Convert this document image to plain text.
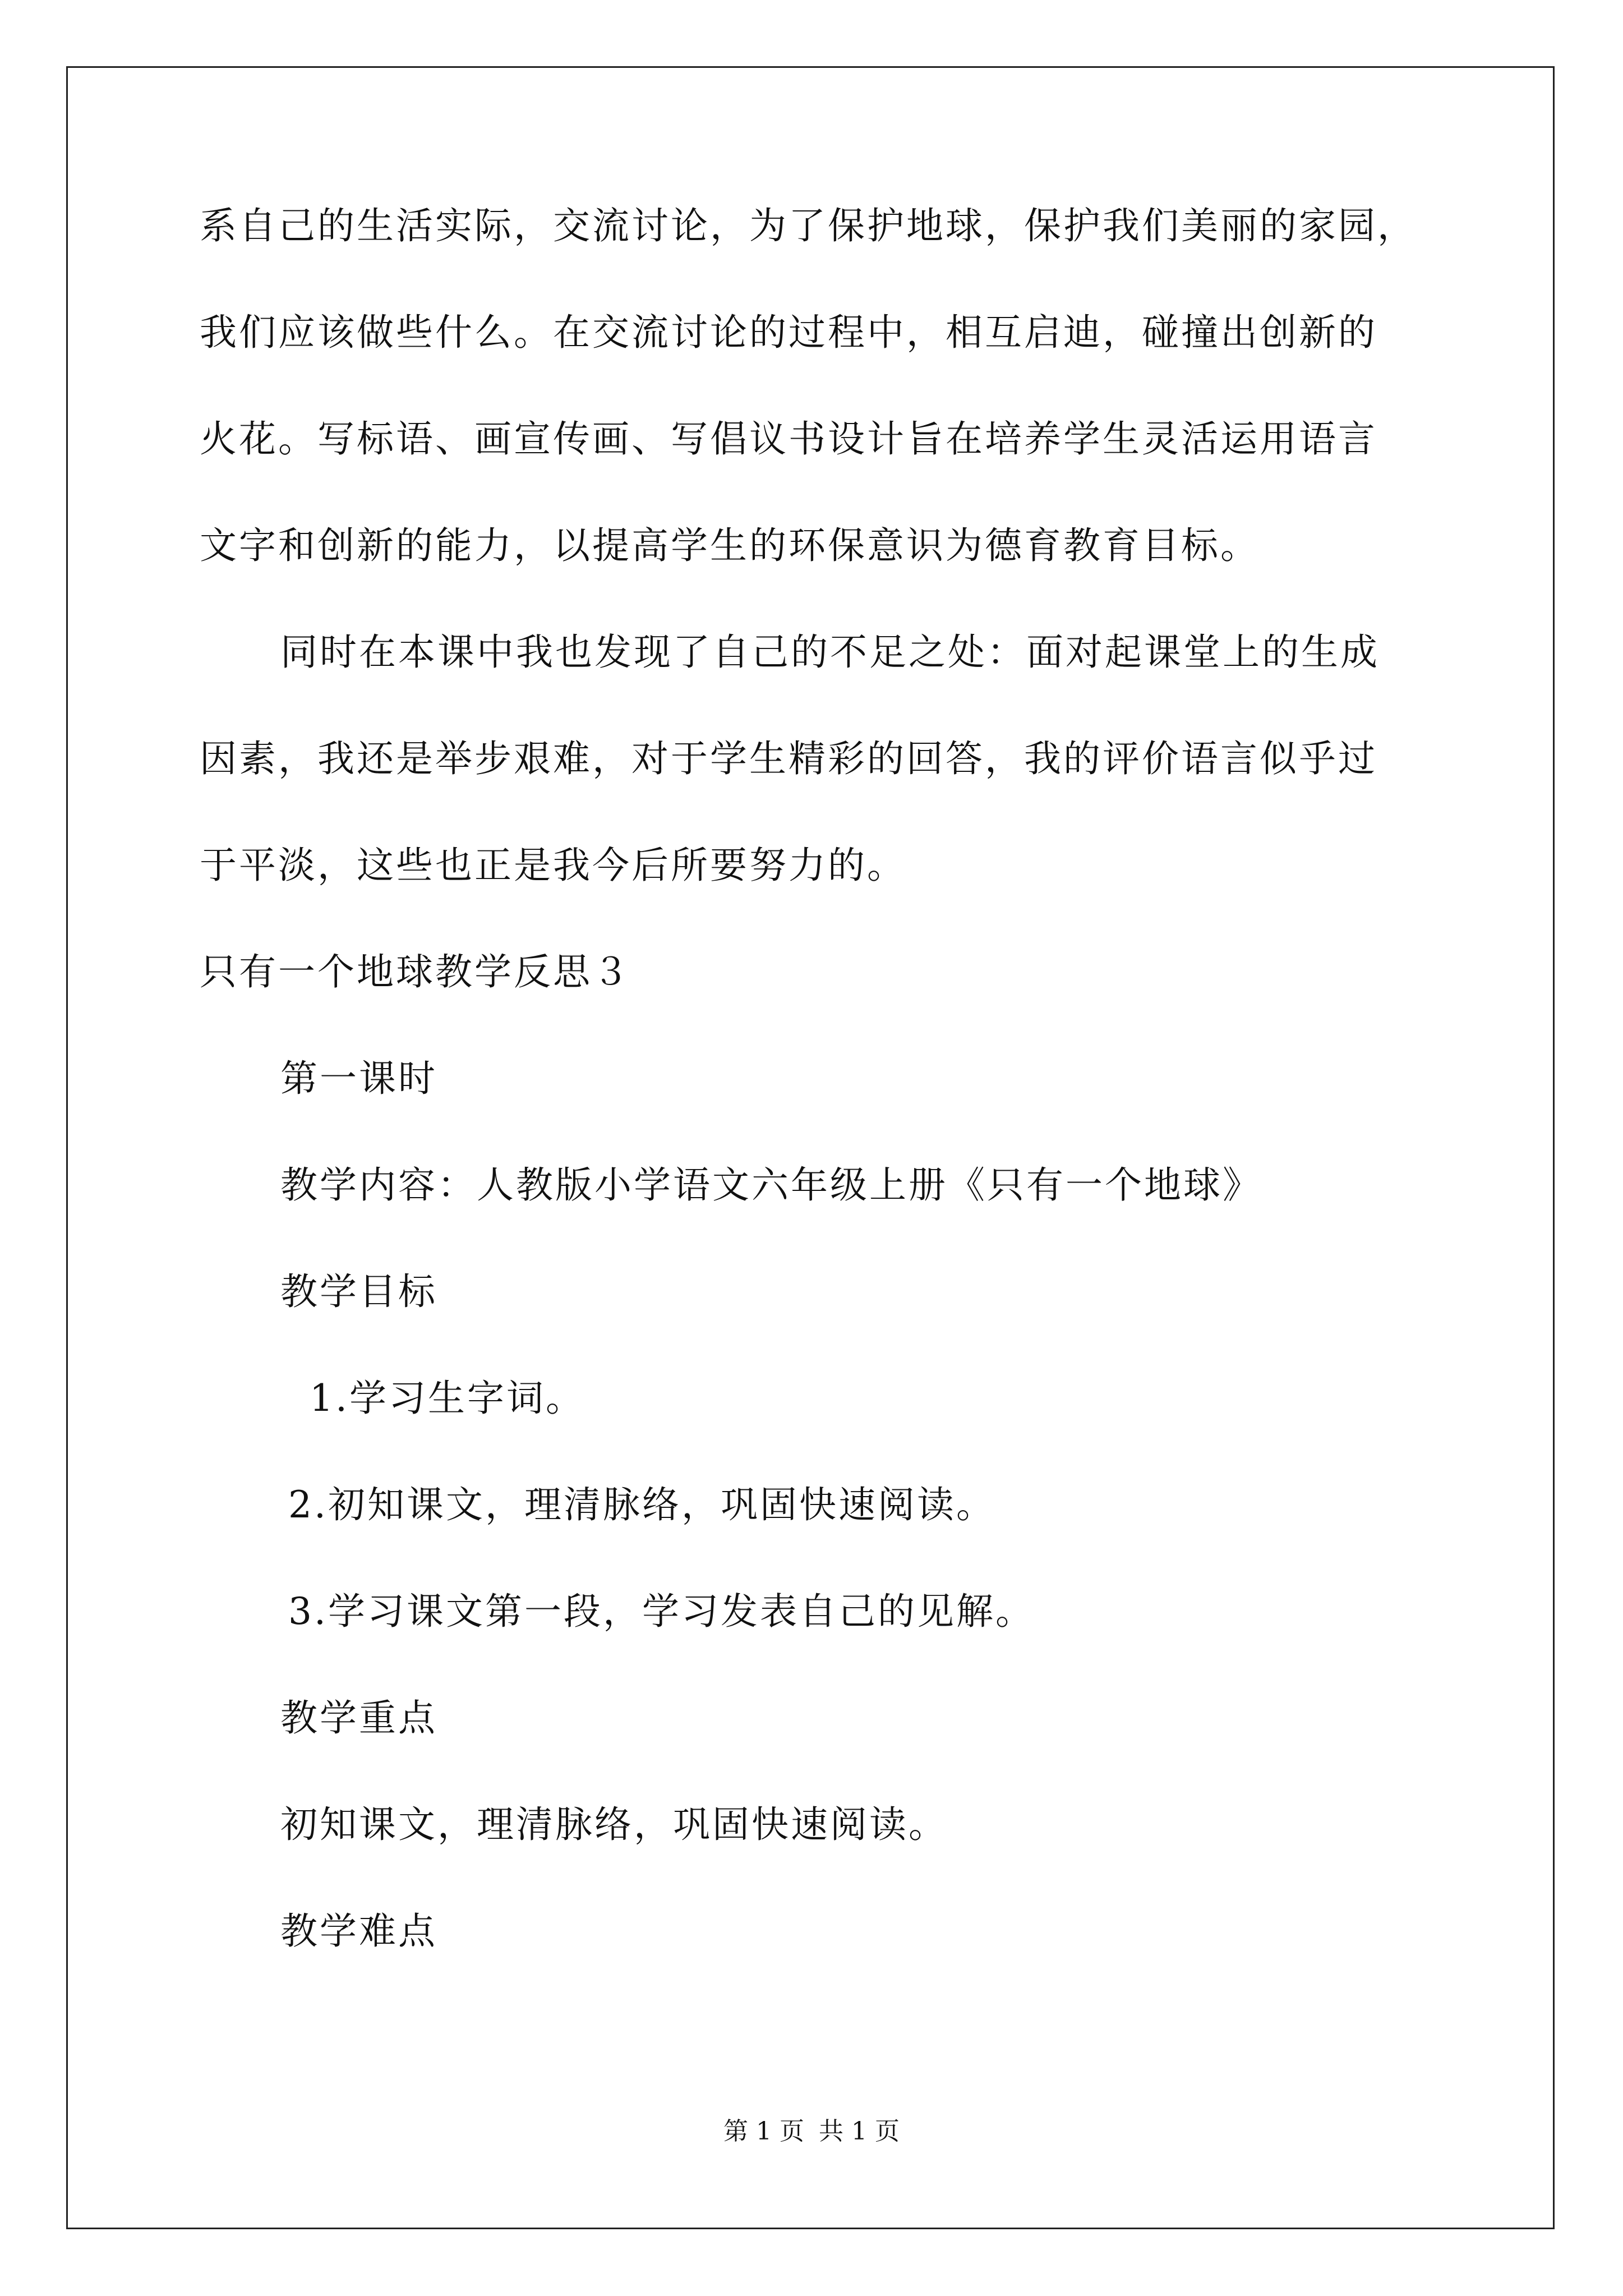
系自己的生活实际，交流讨论，为了保护地球，保护我们美丽的家园，
我们应该做些什么。在交流讨论的过程中，相互启迪，碰撞出创新的
火花。写标语、画宣传画、写倡议书设计旨在培养学生灵活运用语言
文字和创新的能力，以提高学生的环保意识为德育教育目标。
同时在本课中我也发现了自己的不足之处：面对起课堂上的生成
因素，我还是举步艰难，对于学生精彩的回答，我的评价语言似乎过
于平淡，这些也正是我今后所要努力的。
只有一个地球教学反思３
第一课时
教学内容：人教版小学语文六年级上册《只有一个地球》
教学目标
1.学习生字词。
2.初知课文，理清脉络，巩固快速阅读。
3.学习课文第一段，学习发表自己的见解。
教学重点
初知课文，理清脉络，巩固快速阅读。
教学难点
第 1 页 共 1 页
